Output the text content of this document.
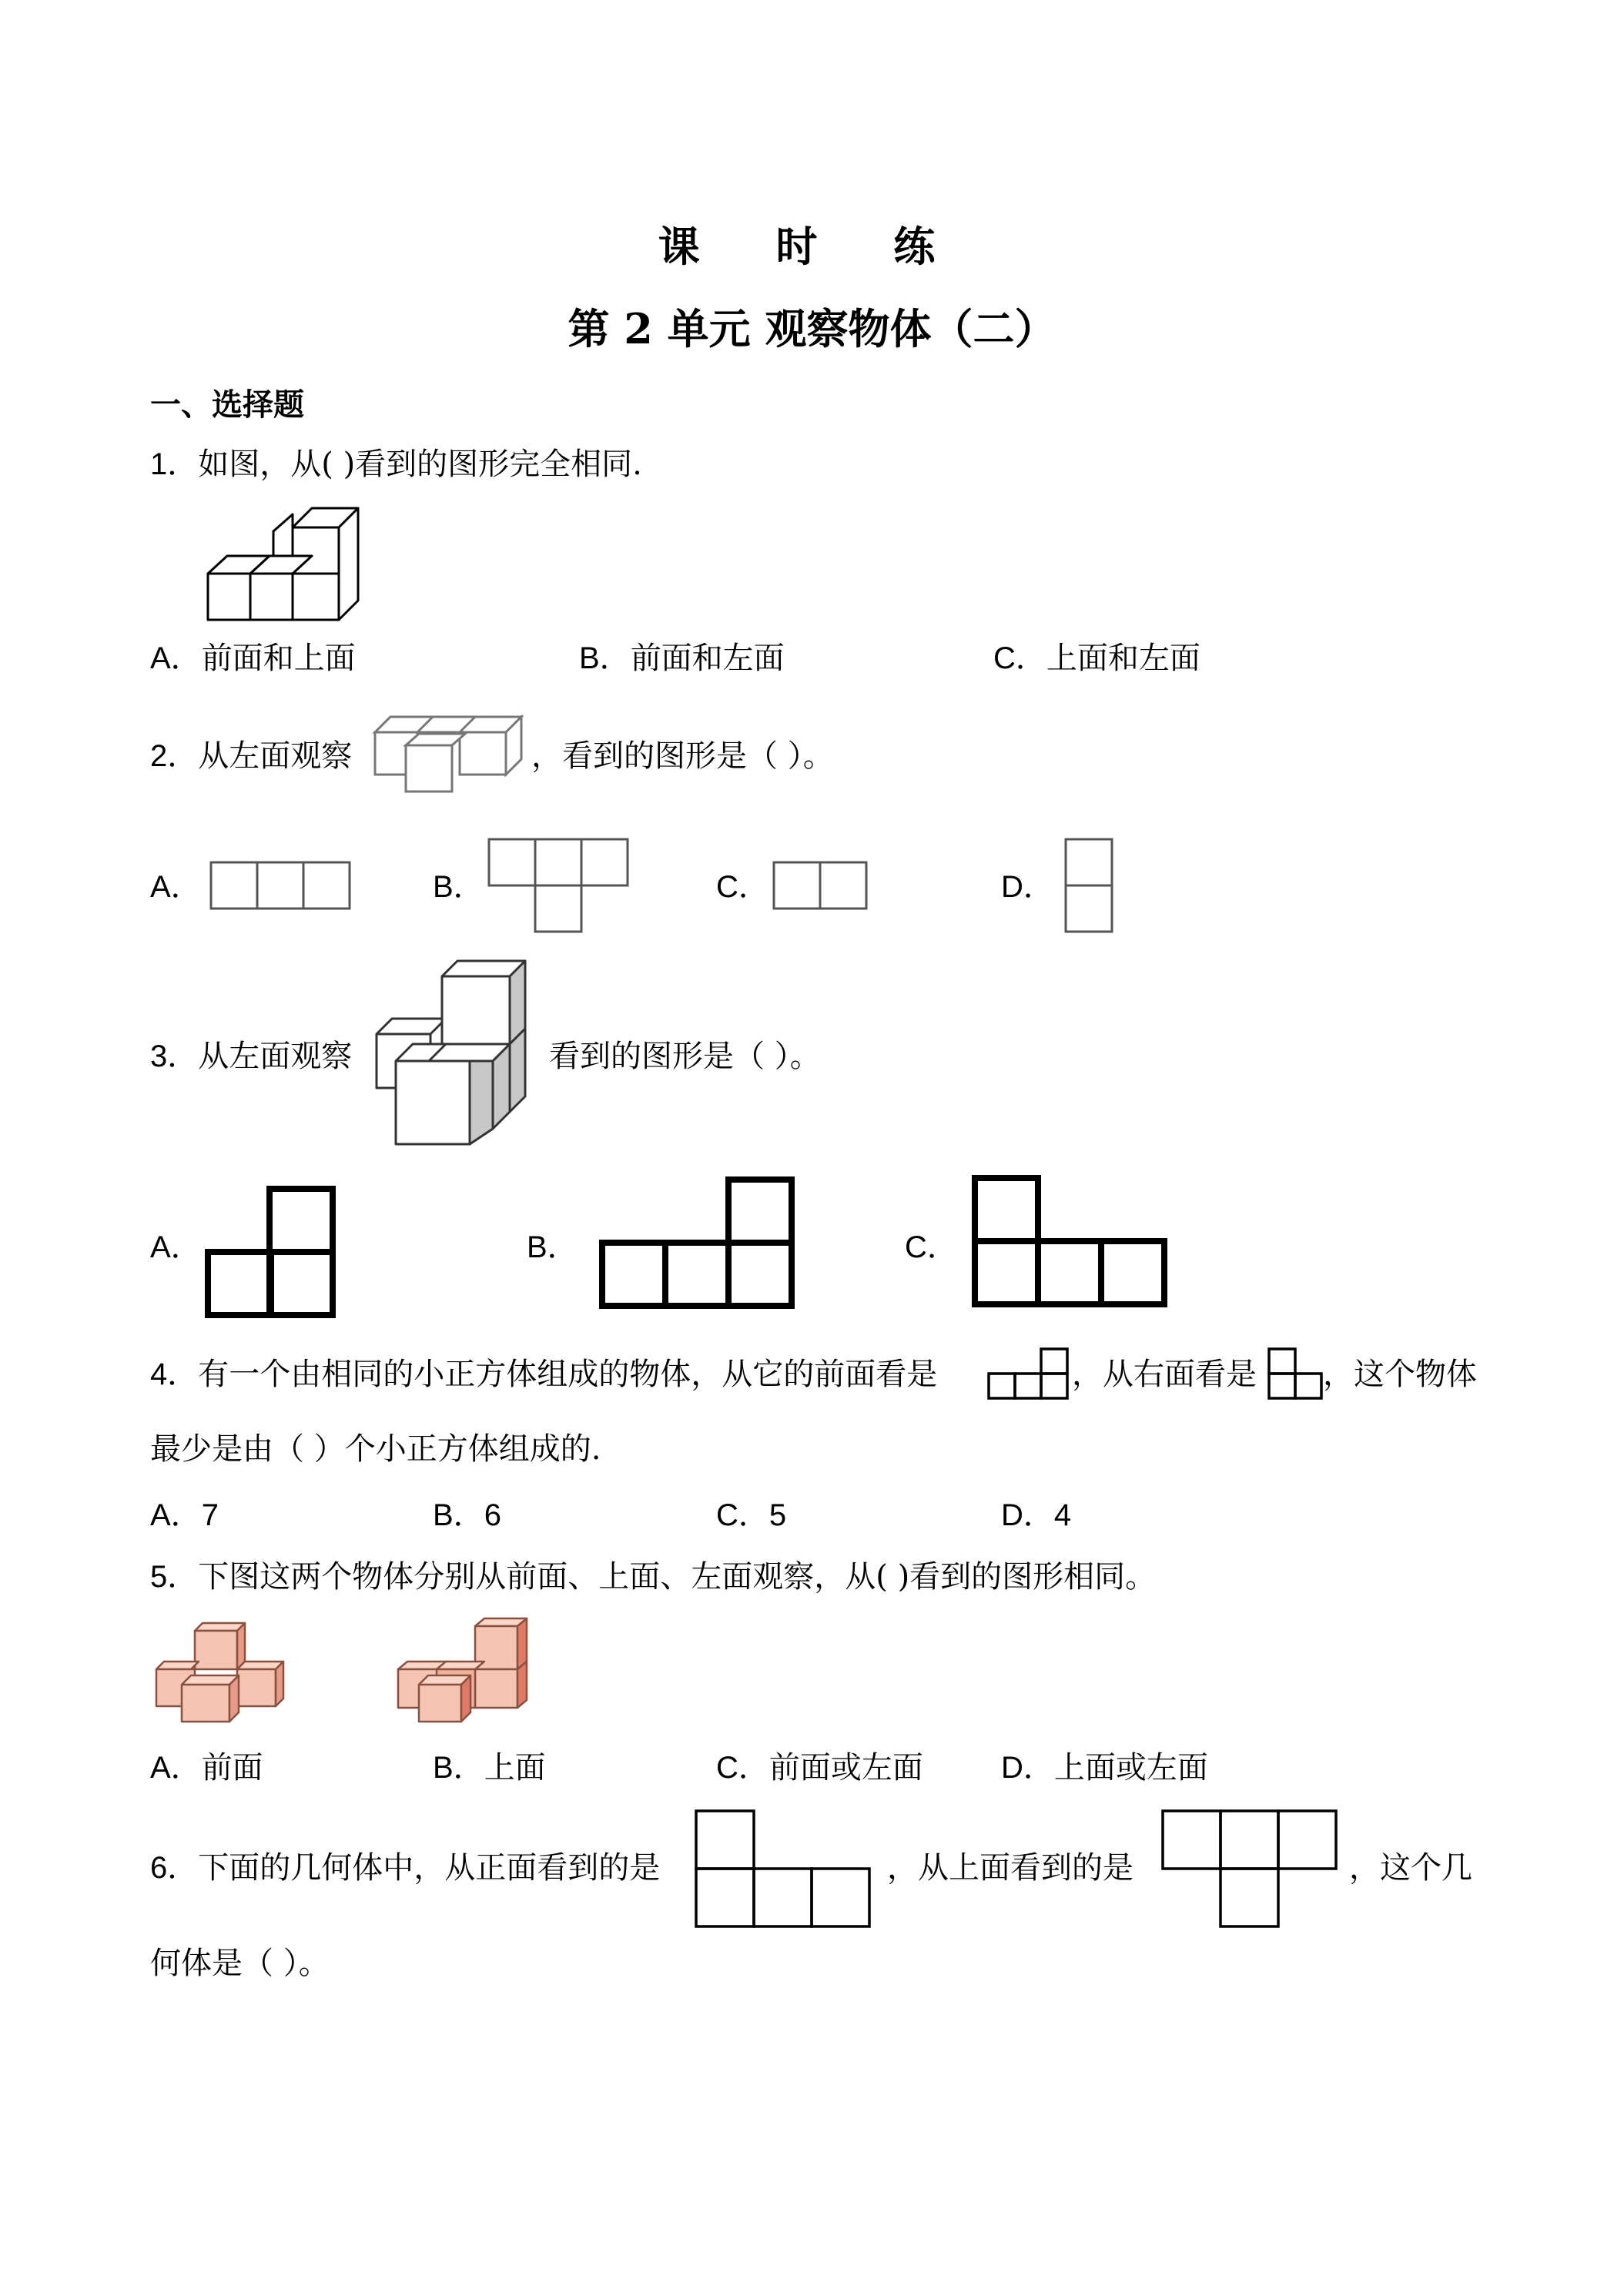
课 时 练
第 2 单元 观察物体（二）
一、选择题
1．如图，从( )看到的图形完全相同.
A．前面和上面	B．前面和左面	C．上面和左面
2．从左面观察	，看到的图形是（ ）。
A．	B．	C．	D．
3．从左面观察	看到的图形是（ ）。
A．	B．	C．
4．有一个由相同的小正方体组成的物体，从它的前面看是	，从右面看是 ，这个物体
最少是由（ ）个小正方体组成的.
A．7	B．6	C．5	D．4
5．下图这两个物体分别从前面、上面、左面观察，从( )看到的图形相同。
A．前面	B．上面	C．前面或左面	D．上面或左面
6．下面的几何体中，从正面看到的是	，从上面看到的是	，这个几
何体是（ ）。
